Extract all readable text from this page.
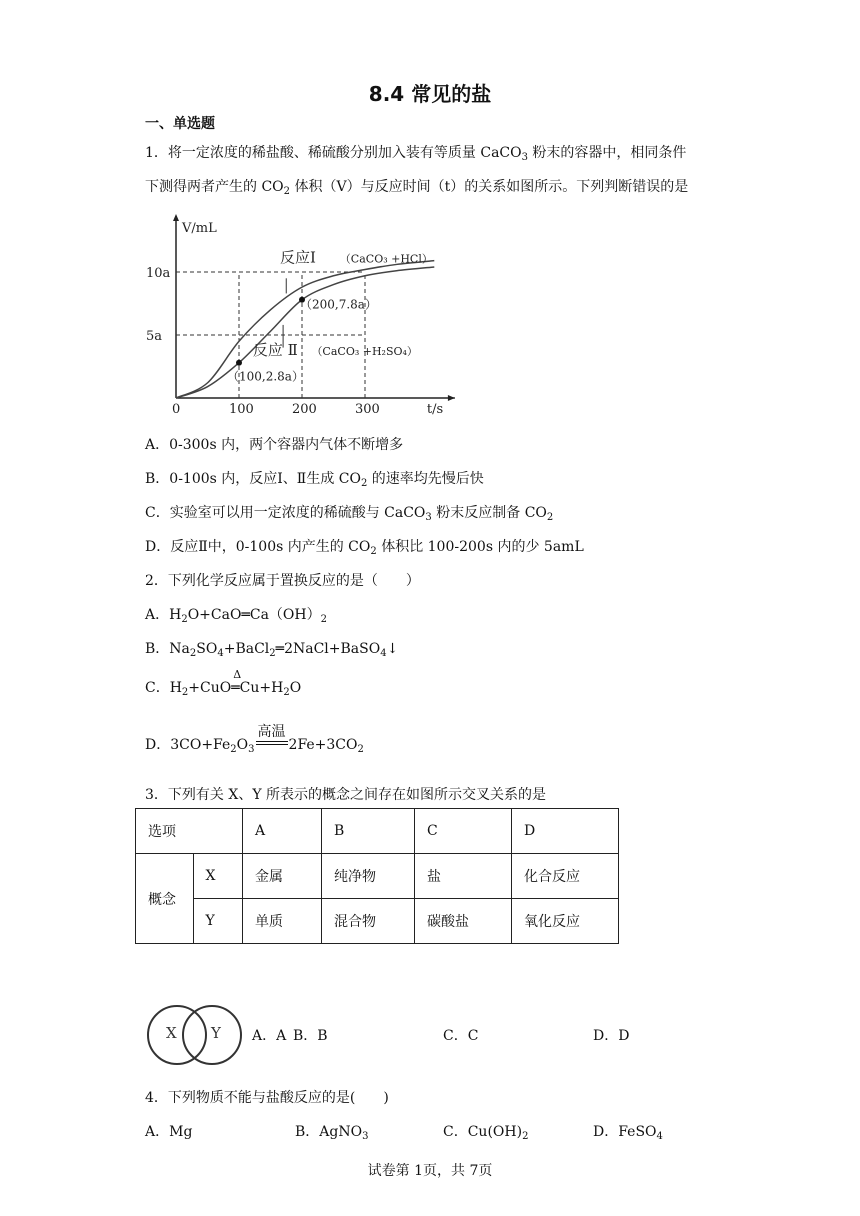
8.4 常见的盐
一、单选题
1．将一定浓度的稀盐酸、稀硫酸分别加入装有等质量 CaCO$_3$ 粉末的容器中，相同条件
下测得两者产生的 $CO_2$ 体积（V）与反应时间（t）的关系如图所示。下列判断错误的是
V/mL
t/s
0	100	200	300
5a
10a
（200,7.8a）
（100,2.8a）
反应Ⅰ （CaCO₃ +HCl）
反应 Ⅱ （CaCO₃ +H₂SO₄）
A．0-300s 内，两个容器内气体不断增多
B．0-100s 内，反应Ⅰ、Ⅱ生成 $CO_2$ 的速率均先慢后快
C．实验室可以用一定浓度的稀硫酸与 CaCO$_3$ 粉末反应制备 $CO_2$
D．反应Ⅱ中，0-100s 内产生的 $CO_2$ 体积比 100-200s 内的少 5amL
2．下列化学反应属于置换反应的是（　　）
A．$H_2O+CaO═Ca(OH)_2$
B．$Na_2SO_4+BaCl_2═2NaCl+BaSO_4↓$
C．$H_2+CuO$
Δ
$═Cu+H_2O$
D．$3CO+Fe_2O_3$
高温
$2Fe+3CO_2$
3．下列有关 X、Y 所表示的概念之间存在如图所示交叉关系的是
选项		A	B	C	D
概念	X	金属	纯净物	盐	化合反应
	Y	单质	混合物	碳酸盐	氧化反应
X Y A．A B．B	C．C	D．D
4．下列物质不能与盐酸反应的是(　　)
A．Mg	B．AgNO$_3$	C．$Cu(OH)_2$	D．FeSO$_4$
试卷第 1页，共 7页
